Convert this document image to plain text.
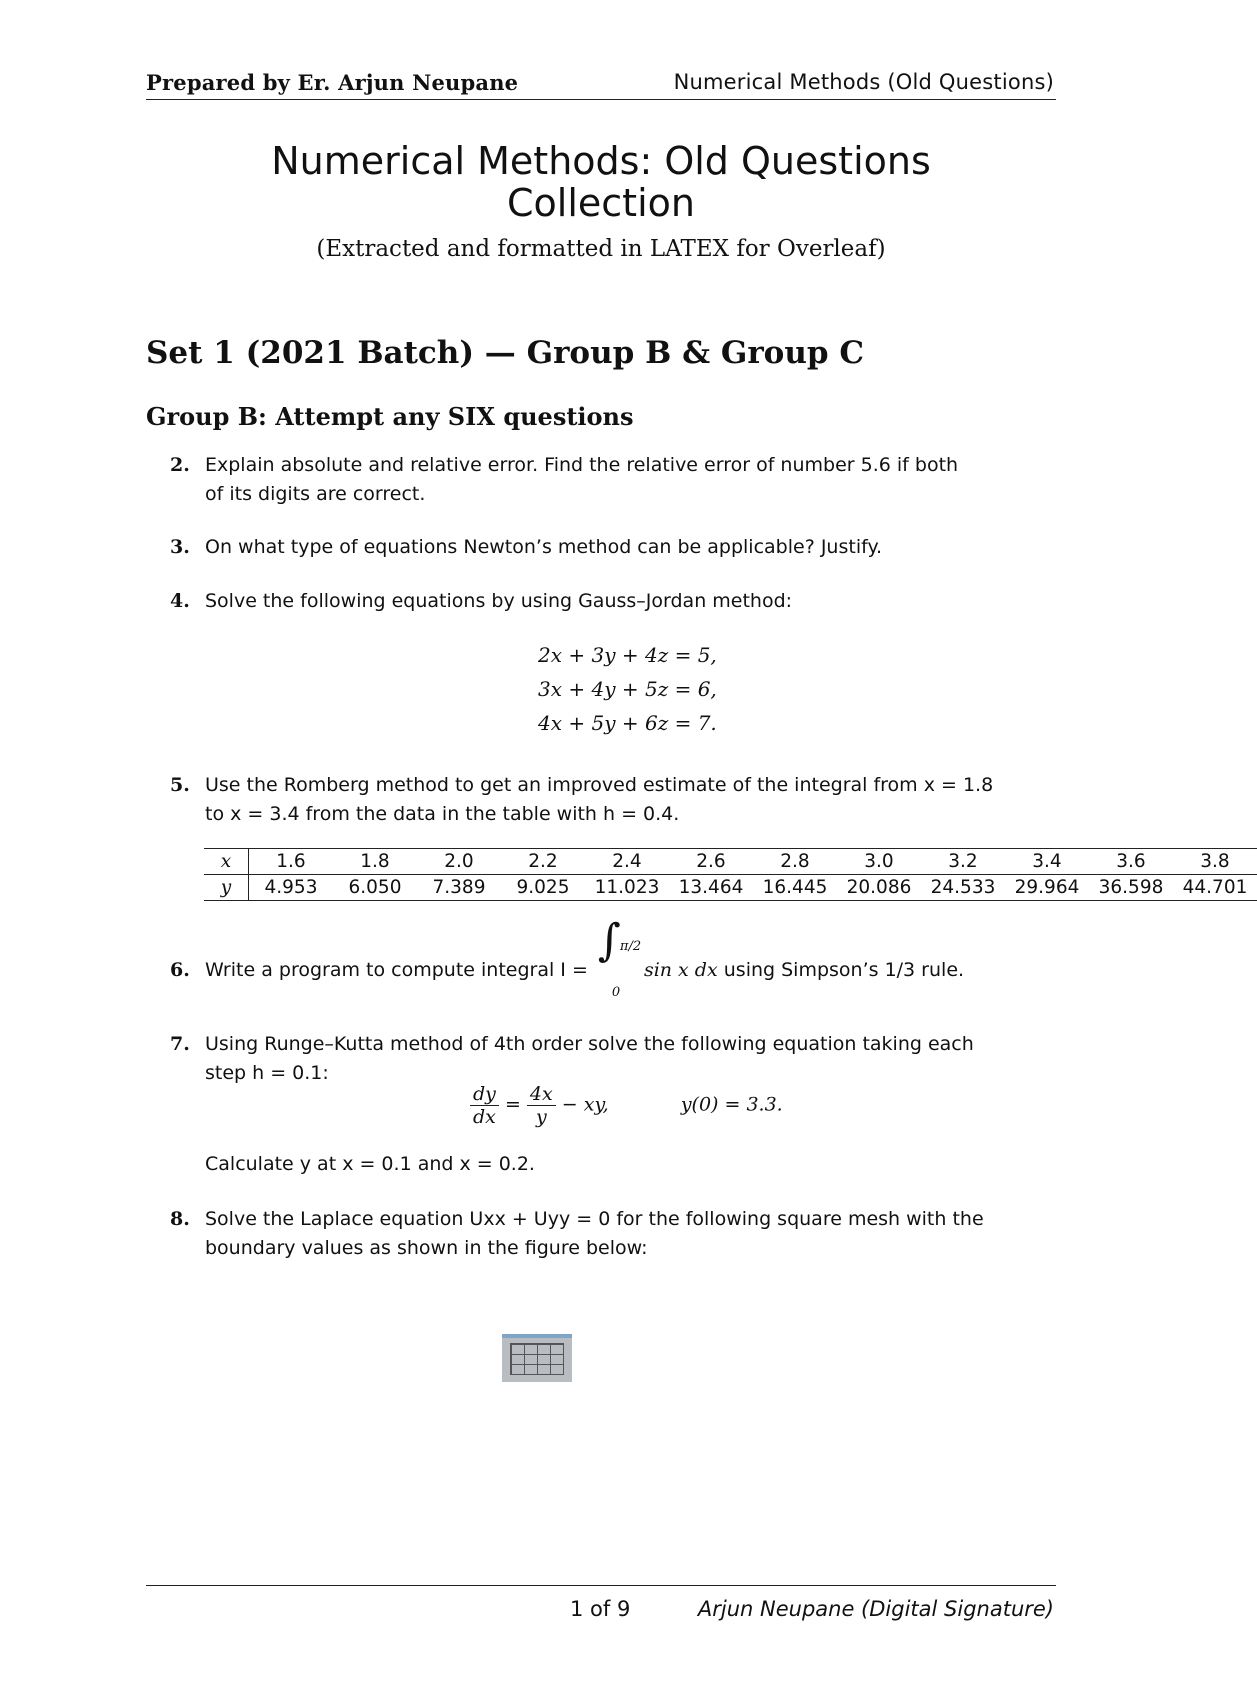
Prepared by Er. Arjun Neupane	Numerical Methods (Old Questions)
Numerical Methods: Old Questions
Collection
(Extracted and formatted in LATEX for Overleaf)
Set 1 (2021 Batch) — Group B & Group C
Group B: Attempt any SIX questions
2. Explain absolute and relative error. Find the relative error of number 5.6 if both
of its digits are correct.
3. On what type of equations Newton’s method can be applicable? Justify.
4. Solve the following equations by using Gauss–Jordan method:
2x + 3y + 4z = 5,
3x + 4y + 5z = 6,
4x + 5y + 6z = 7.
5. Use the Romberg method to get an improved estimate of the integral from x = 1.8
to x = 3.4 from the data in the table with h = 0.4.
x	1.6	1.8	2.0	2.2	2.4	2.6	2.8	3.0	3.2	3.4	3.6	3.8
y	4.953	6.050	7.389	9.025	11.023	13.464	16.445	20.086	24.533	29.964	36.598	44.701
6. Write a program to compute integral I =
∫ π/2
0
sin x dx using Simpson’s 1/3 rule.
7. Using Runge–Kutta method of 4th order solve the following equation taking each
step h = 0.1:
$\frac{dy}{dx} = \frac{4x}{y}$ − xy,	y(0) = 3.3.
Calculate y at x = 0.1 and x = 0.2.
8. Solve the Laplace equation Uxx + Uyy = 0 for the following square mesh with the
boundary values as shown in the figure below:
1 of 9	Arjun Neupane (Digital Signature)
